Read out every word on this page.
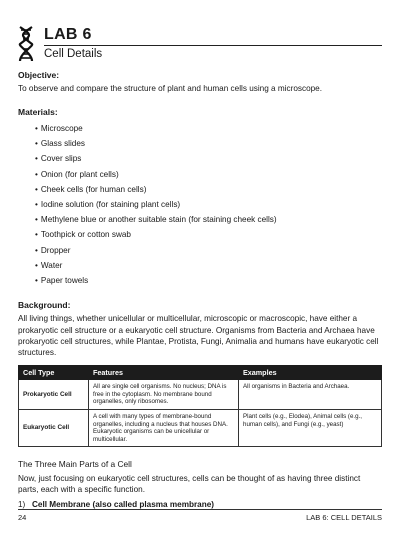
LAB 6
Cell Details
Objective:
To observe and compare the structure of plant and human cells using a microscope.
Materials:
• Microscope
• Glass slides
• Cover slips
• Onion (for plant cells)
• Cheek cells (for human cells)
• Iodine solution (for staining plant cells)
• Methylene blue or another suitable stain (for staining cheek cells)
• Toothpick or cotton swab
• Dropper
• Water
• Paper towels
Background:
All living things, whether unicellular or multicellular, microscopic or macroscopic, have either a prokaryotic cell structure or a eukaryotic cell structure. Organisms from Bacteria and Archaea have prokaryotic cell structures, while Plantae, Protista, Fungi, Animalia and humans have eukaryotic cell structures.
Cell Type	Features	Examples
Prokaryotic Cell	All are single cell organisms. No nucleus; DNA is free in the cytoplasm. No membrane bound organelles, only ribosomes.	All organisms in Bacteria and Archaea.
Eukaryotic Cell	A cell with many types of membrane-bound organelles, including a nucleus that houses DNA. Eukaryotic organisms can be unicellular or multicellular.	Plant cells (e.g., Elodea), Animal cells (e.g., human cells), and Fungi (e.g., yeast)
The Three Main Parts of a Cell
Now, just focusing on eukaryotic cell structures, cells can be thought of as having three distinct parts, each with a specific function.
1) Cell Membrane (also called plasma membrane)
24	LAB 6: CELL DETAILS
